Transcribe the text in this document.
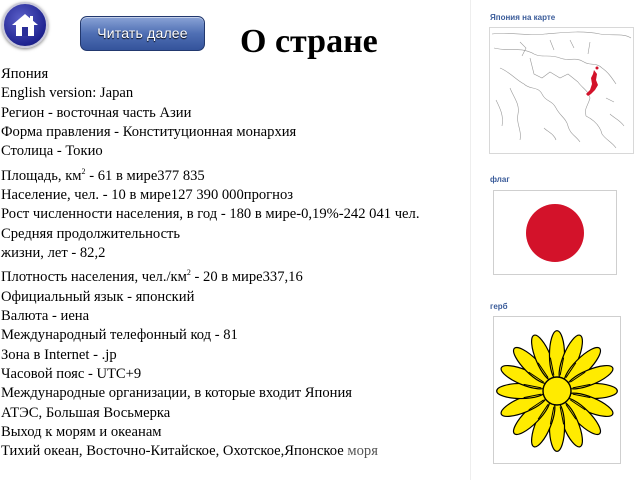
Читать далее	О стране
Япония
English version: Japan
Регион - восточная часть Азии
Форма правления - Конституционная монархия
Столица - Токио
Площадь, $км^2 - 61$ в мире377 835
Население, чел. - 10 в мире127 390 000прогноз
Рост численности населения, в год - 180 в мире-0,19%-242 041 чел.
Средняя продолжительность
жизни, лет - 82,2
Плотность населения, $чел./км^2 - 20$ в мире337,16
Официальный язык - японский
Валюта - иена
Международный телефонный код - 81
Зона в Internet - .jp
Часовой пояс - UTC+9
Международные организации, в которые входит Япония
АТЭС, Большая Восьмерка
Выход к морям и океанам
Тихий океан, Восточно-Китайское, Охотское,Японское моря
Япония на карте
флаг
герб
